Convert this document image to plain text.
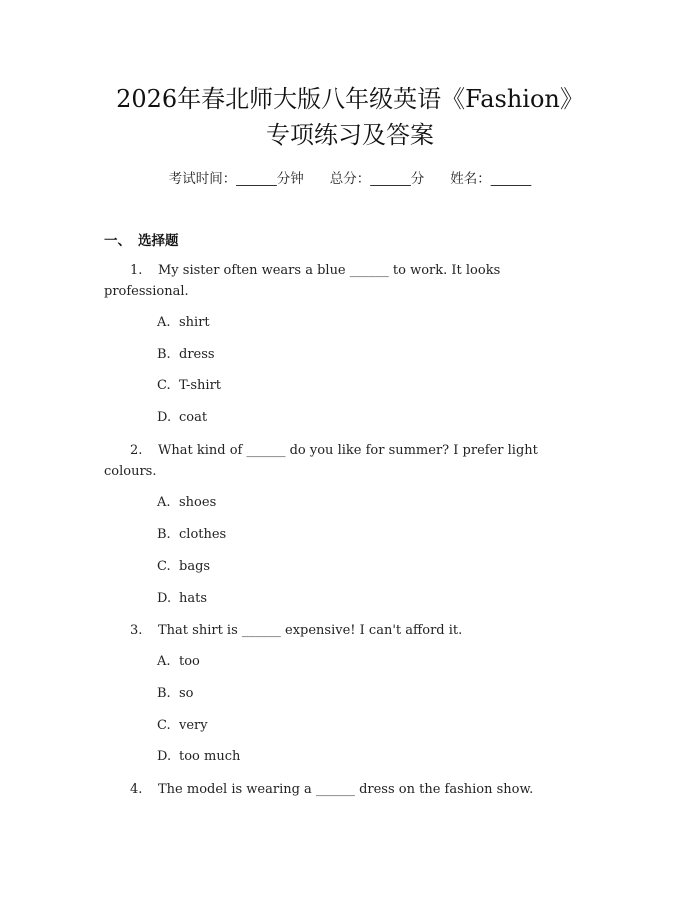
2026年春北师大版八年级英语《Fashion》
专项练习及答案
考试时间：______分钟 总分：______分 姓名：______
一、 选择题
1. My sister often wears a blue ______ to work. It looks professional.
A. shirt
B. dress
C. T-shirt
D. coat
2. What kind of ______ do you like for summer? I prefer light colours.
A. shoes
B. clothes
C. bags
D. hats
3. That shirt is ______ expensive! I can't afford it.
A. too
B. so
C. very
D. too much
4. The model is wearing a ______ dress on the fashion show.
